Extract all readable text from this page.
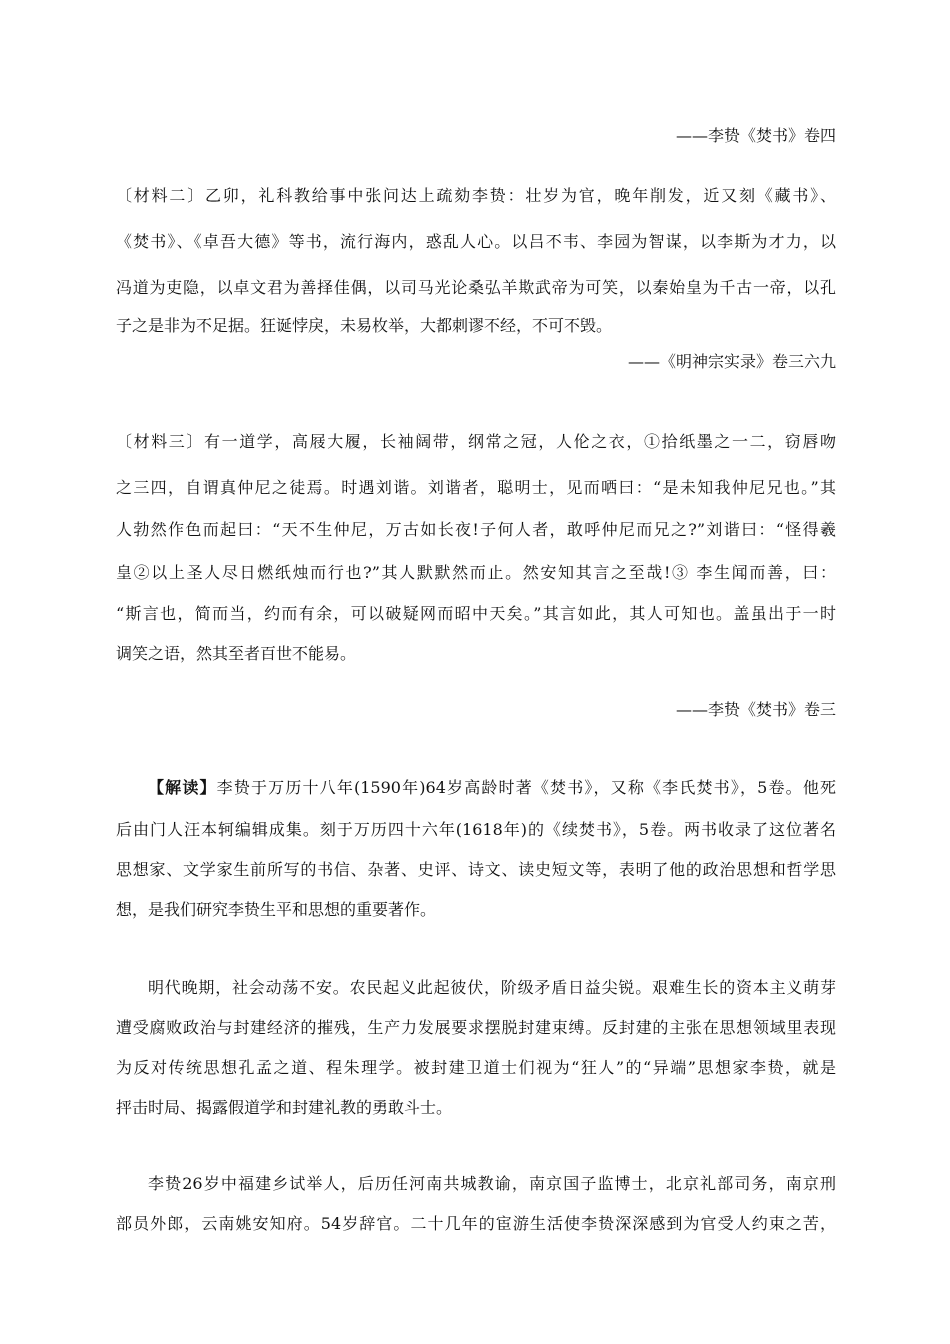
——李贽《焚书》卷四
〔材料二〕乙卯，礼科教给事中张问达上疏劾李贽：壮岁为官，晚年削发，近又刻《藏书》、
《焚书》、《卓吾大德》等书，流行海内，惑乱人心。以吕不韦、李园为智谋，以李斯为才力，以
冯道为吏隐，以卓文君为善择佳偶，以司马光论桑弘羊欺武帝为可笑，以秦始皇为千古一帝，以孔
子之是非为不足据。狂诞悖戾，未易枚举，大都刺谬不经，不可不毁。
——《明神宗实录》卷三六九
〔材料三〕有一道学，高屐大履，长袖阔带，纲常之冠，人伦之衣，①拾纸墨之一二，窃唇吻
之三四，自谓真仲尼之徒焉。时遇刘谐。刘谐者，聪明士，见而哂曰：“是未知我仲尼兄也。”其
人勃然作色而起曰：“天不生仲尼，万古如长夜!子何人者，敢呼仲尼而兄之?”刘谐曰：“怪得羲
皇②以上圣人尽日燃纸烛而行也?”其人默默然而止。然安知其言之至哉!③ 李生闻而善，曰：
“斯言也，简而当，约而有余，可以破疑网而昭中天矣。”其言如此，其人可知也。盖虽出于一时
调笑之语，然其至者百世不能易。
——李贽《焚书》卷三
【解读】李贽于万历十八年(1590年)64岁高龄时著《焚书》，又称《李氏焚书》，5卷。他死
后由门人汪本轲编辑成集。刻于万历四十六年(1618年)的《续焚书》，5卷。两书收录了这位著名
思想家、文学家生前所写的书信、杂著、史评、诗文、读史短文等，表明了他的政治思想和哲学思
想，是我们研究李贽生平和思想的重要著作。
明代晚期，社会动荡不安。农民起义此起彼伏，阶级矛盾日益尖锐。艰难生长的资本主义萌芽
遭受腐败政治与封建经济的摧残，生产力发展要求摆脱封建束缚。反封建的主张在思想领域里表现
为反对传统思想孔孟之道、程朱理学。被封建卫道士们视为“狂人”的“异端”思想家李贽，就是
抨击时局、揭露假道学和封建礼教的勇敢斗士。
李贽26岁中福建乡试举人，后历任河南共城教谕，南京国子监博士，北京礼部司务，南京刑
部员外郎，云南姚安知府。54岁辞官。二十几年的宦游生活使李贽深深感到为官受人约束之苦，
